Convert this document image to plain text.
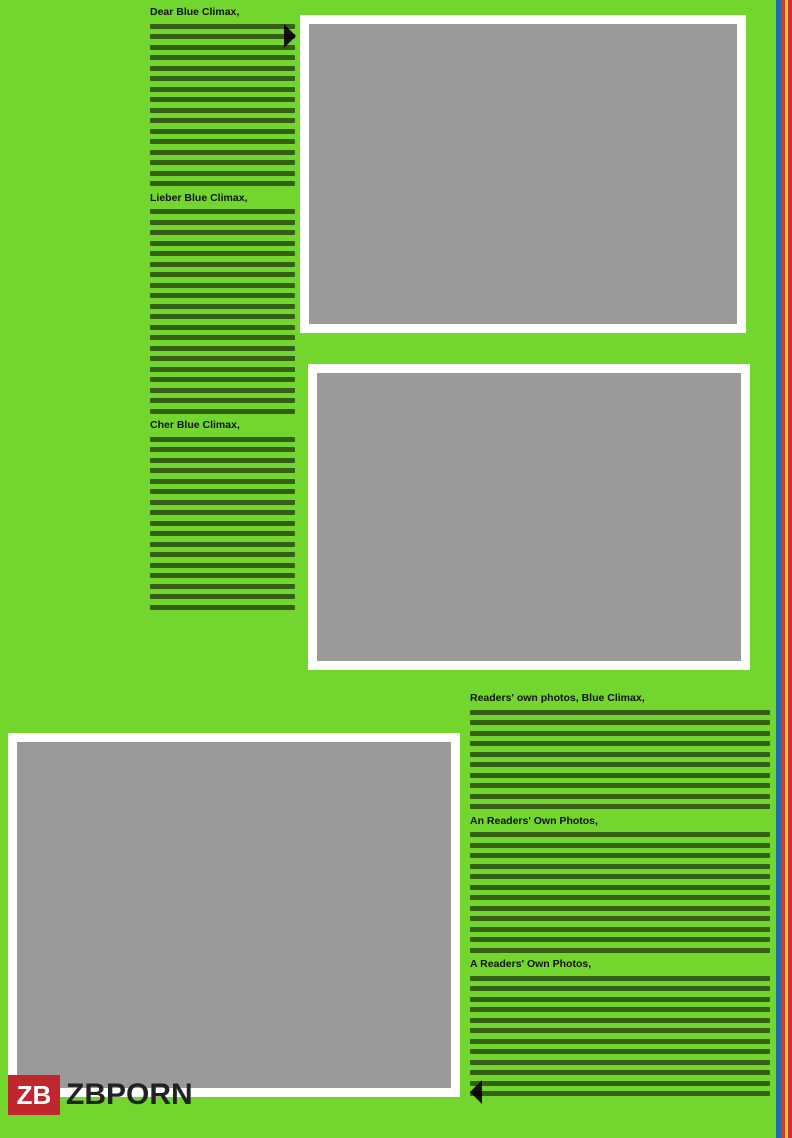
Dear Blue Climax,
Lieber Blue Climax,
Cher Blue Climax,
Readers' own photos, Blue Climax,
An Readers' Own Photos,
A Readers' Own Photos,
ZB ZBPORN
